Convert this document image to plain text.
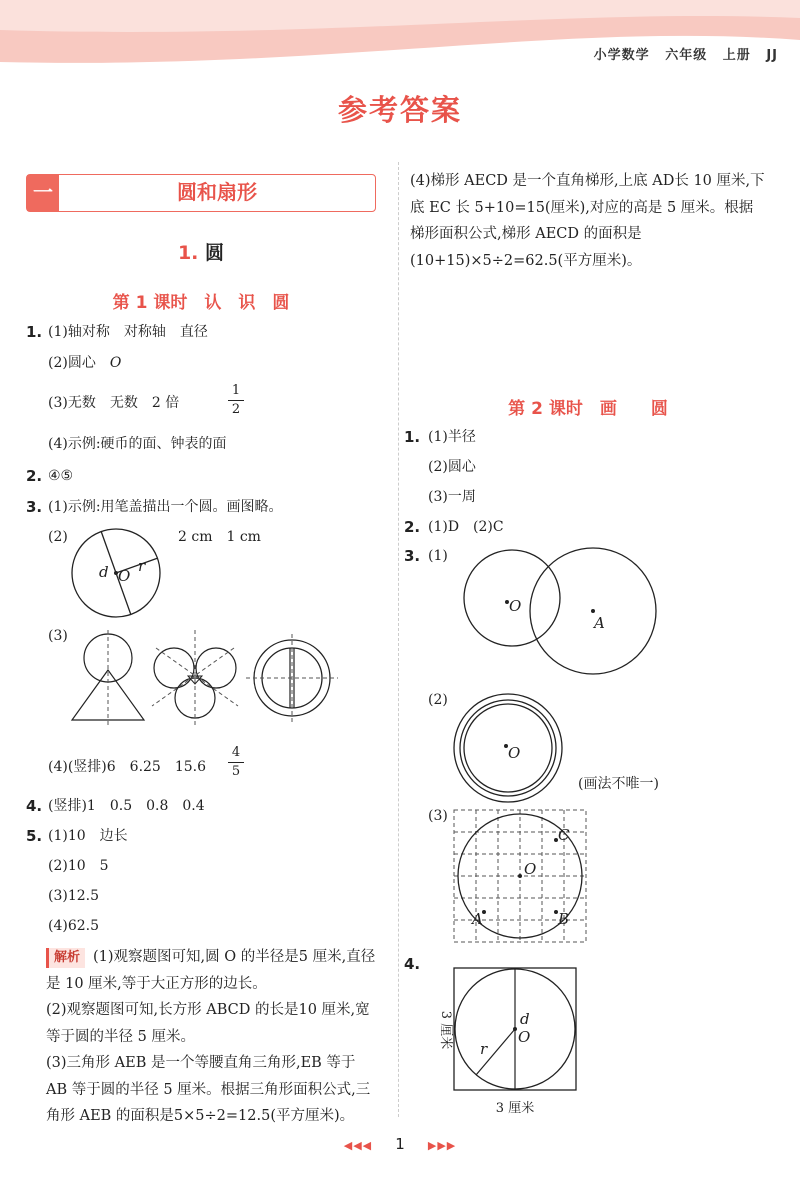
小学数学 六年级 上册 JJ
参考答案
一	圆和扇形
1. 圆
第 1 课时　认　识　圆
1. (1)轴对称　对称轴　直径
(2)圆心　O
(3)无数　无数　2 倍
1
2
(4)示例:硬币的面、钟表的面
2. ④⑤
3. (1)示例:用笔盖描出一个圆。画图略。
(2)	2 cm　1 cm
d O
r
(3)
(4)(竖排)6　6.25　15.6
4
5
4. (竖排)1　0.5　0.8　0.4
5. (1)10　边长
(2)10　5
(3)12.5
(4)62.5
解析 (1)观察题图可知,圆 O 的半径是5 厘米,直径是 10 厘米,等于大正方形的边长。
(2)观察题图可知,长方形 ABCD 的长是10 厘米,宽等于圆的半径 5 厘米。
(3)三角形 AEB 是一个等腰直角三角形,EB 等于 AB 等于圆的半径 5 厘米。根据三角形面积公式,三角形 AEB 的面积是5×5÷2=12.5(平方厘米)。
(4)梯形 AECD 是一个直角梯形,上底 AD长 10 厘米,下底 EC 长 5+10=15(厘米),对应的高是 5 厘米。根据梯形面积公式,梯形 AECD 的面积是(10+15)×5÷2=62.5(平方厘米)。
第 2 课时　画　　圆
1. (1)半径
(2)圆心
(3)一周
2. (1)D　(2)C
3. (1)
O
A
(2)
O
(画法不唯一)
(3)
O
C
A	B
4.
d
O
r
3 厘米
3 厘米
◀◀◀ 1 ▶▶▶
